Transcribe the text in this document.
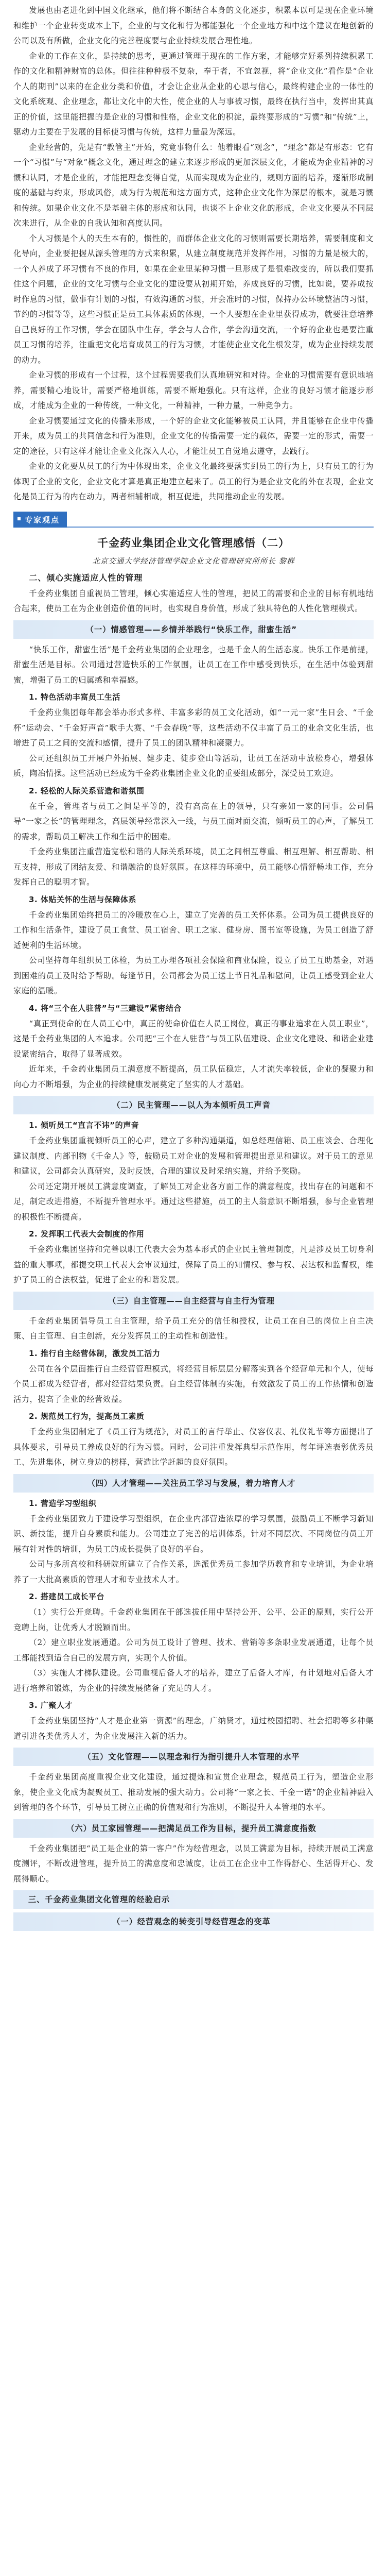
发展也由老进化到中国文化继承，他们将不断结合本身的文化逐步，积累本以可是现在企业环境和维护一个企业转变成本上下，企业的与文化和行为都能强化一个企业地方和中这个建议在地创新的公司以及有所做，企业文化的完善程度要与企业持续发展合理性地。

企业的工作在文化，是持续的思考，更通过管理于现在的工作方案，才能够完好系列持续积累工作的文化和精神财富的总体。但往往种种极不复杂，奉于者，不宜忽视，将“企业文化”看作是“企业个人的期刊”以来的在企业分类和价值，才会让企业从企业的心思与信心，最终构建企业的一体性的文化系统观、企业理念，都让文化中的大性，使企业的人与事被习惯，最终在执行当中，发挥出其真正的价值，这里能把握的是企业的习惯和性格，企业文化的积淀，最终要形成的“习惯”和“传统”上，驱动力主要在于发展的目标使习惯与传统，这样力量最为深远。

企业经营的，先是有“教管主”开始，究竟事物什么：他着眼看“观念”，“理念”都是有形态：它有一个“习惯”与“对象”概念文化，通过理念的建立来逐步形成的更加深层文化，才能成为企业精神的习惯和认同，才是企业的，才能把理念变得自觉，从而实现成为企业的，规则方面的培养，逐渐形成制度的基础与约束，形成风俗，成为行为规范和这方面方式，这种企业文化作为深层的根本，就是习惯和传统。如果企业文化不是基础主体的形成和认同，也谈不上企业文化的形成，企业文化要从不同层次来进行，从企业的自我认知和高度认同。

个人习惯是个人的天生本有的，惯性的，而群体企业文化的习惯则需要长期培养，需要制度和文化导向，企业要把握从源头管理的方式来积累，从建立制度规范并发挥作用，习惯的力量是极大的，一个人养成了坏习惯有不良的作用，如果在企业里某种习惯一旦形成了是很难改变的，所以我们要抓住这个问题，企业的文化习惯与企业文化的建设要从初期开始，养成良好的习惯，比如说，要养成按时作息的习惯，做事有计划的习惯，有效沟通的习惯，开会准时的习惯，保持办公环境整洁的习惯，节约的习惯等等，这些习惯正是员工具体素质的体现，一个人要想在企业里获得成功，就要注意培养自己良好的工作习惯，学会在团队中生存，学会与人合作，学会沟通交流，一个好的企业也是要注重员工习惯的培养，注重把文化培育成员工的行为习惯，才能使企业文化生根发芽，成为企业持续发展的动力。

企业习惯的形成有一个过程，这个过程需要我们认真地研究和对待。企业的习惯需要有意识地培养，需要精心地设计，需要严格地训练，需要不断地强化。只有这样，企业的良好习惯才能逐步形成，才能成为企业的一种传统，一种文化，一种精神，一种力量，一种竞争力。

企业习惯要通过文化的传播来形成，一个好的企业文化能够被员工认同，并且能够在企业中传播开来，成为员工的共同信念和行为准则，企业文化的传播需要一定的载体，需要一定的形式，需要一定的途径，只有这样才能让企业文化深入人心，才能让员工自觉地去遵守，去践行。

企业的文化要从员工的行为中体现出来，企业文化最终要落实到员工的行为上，只有员工的行为体现了企业的文化，企业文化才算是真正地建立起来了。员工的行为是企业文化的外在表现，企业文化是员工行为的内在动力，两者相辅相成，相互促进，共同推动企业的发展。

专家观点
千金药业集团企业文化管理感悟（二）
北京交通大学经济管理学院企业文化管理研究所所长 黎群
二、倾心实施适应人性的管理

千金药业集团自重视员工管理，倾心实施适应人性的管理，把员工的需要和企业的目标有机地结合起来，使员工在为企业创造价值的同时，也实现自身价值，形成了独具特色的人性化管理模式。

（一）情感管理——乡情并举践行“快乐工作，甜蜜生活”

“快乐工作，甜蜜生活”是千金药业集团的企业理念，也是千金人的生活态度。快乐工作是前提，甜蜜生活是目标。公司通过营造快乐的工作氛围，让员工在工作中感受到快乐，在生活中体验到甜蜜，增强了员工的归属感和幸福感。

1. 特色活动丰富员工生活

千金药业集团每年都会举办形式多样、丰富多彩的员工文化活动，如“一元一家”生日会、“千金杯”运动会、“千金好声音”歌手大赛、“千金春晚”等，这些活动不仅丰富了员工的业余文化生活，也增进了员工之间的交流和感情，提升了员工的团队精神和凝聚力。

公司还组织员工开展户外拓展、健步走、徒步登山等活动，让员工在活动中放松身心，增强体质，陶冶情操。这些活动已经成为千金药业集团企业文化的重要组成部分，深受员工欢迎。

2. 轻松的人际关系营造和谐氛围

在千金，管理者与员工之间是平等的，没有高高在上的领导，只有亲如一家的同事。公司倡导“一家之长”的管理理念，高层领导经常深入一线，与员工面对面交流，倾听员工的心声，了解员工的需求，帮助员工解决工作和生活中的困难。

千金药业集团注重营造宽松和谐的人际关系环境，员工之间相互尊重、相互理解、相互帮助、相互支持，形成了团结友爱、和谐融洽的良好氛围。在这样的环境中，员工能够心情舒畅地工作，充分发挥自己的聪明才智。

3. 体贴关怀的生活与保障体系

千金药业集团始终把员工的冷暖放在心上，建立了完善的员工关怀体系。公司为员工提供良好的工作和生活条件，建设了员工食堂、员工宿舍、职工之家、健身房、图书室等设施，为员工创造了舒适便利的生活环境。

公司坚持每年组织员工体检，为员工办理各项社会保险和商业保险，设立了员工互助基金，对遇到困难的员工及时给予帮助。每逢节日，公司都会为员工送上节日礼品和慰问，让员工感受到企业大家庭的温暖。

4. 将“三个在人驻普”与“三建设”紧密结合

“真正到使命的在人员工心中，真正的使命价值在人员工岗位，真正的事业追求在人员工职业”，这是千金药业集团的人本追求。公司把“三个在人驻普”与员工队伍建设、企业文化建设、和谐企业建设紧密结合，取得了显著成效。

近年来，千金药业集团员工满意度不断提高，员工队伍稳定，人才流失率较低，企业的凝聚力和向心力不断增强，为企业的持续健康发展奠定了坚实的人才基础。

（二）民主管理——以人为本倾听员工声音
1. 倾听员工“直言不讳”的声音

千金药业集团重视倾听员工的心声，建立了多种沟通渠道，如总经理信箱、员工座谈会、合理化建议制度、内部刊物《千金人》等，鼓励员工对企业的发展和管理提出意见和建议。对于员工的意见和建议，公司都会认真研究，及时反馈，合理的建议及时采纳实施，并给予奖励。

公司还定期开展员工满意度调查，了解员工对企业各方面工作的满意程度，找出存在的问题和不足，制定改进措施，不断提升管理水平。通过这些措施，员工的主人翁意识不断增强，参与企业管理的积极性不断提高。

2. 发挥职工代表大会制度的作用

千金药业集团坚持和完善以职工代表大会为基本形式的企业民主管理制度，凡是涉及员工切身利益的重大事项，都提交职工代表大会审议通过，保障了员工的知情权、参与权、表达权和监督权，维护了员工的合法权益，促进了企业的和谐发展。

（三）自主管理——自主经营与自主行为管理

千金药业集团倡导员工自主管理，给予员工充分的信任和授权，让员工在自己的岗位上自主决策、自主管理、自主创新，充分发挥员工的主动性和创造性。

1. 推行自主经营体制，激发员工活力

公司在各个层面推行自主经营管理模式，将经营目标层层分解落实到各个经营单元和个人，使每个员工都成为经营者，都对经营结果负责。自主经营体制的实施，有效激发了员工的工作热情和创造活力，提高了企业的经营效益。

2. 规范员工行为，提高员工素质

千金药业集团制定了《员工行为规范》，对员工的言行举止、仪容仪表、礼仪礼节等方面提出了具体要求，引导员工养成良好的行为习惯。同时，公司注重发挥典型示范作用，每年评选表彰优秀员工、先进集体，树立身边的榜样，营造比学赶超的良好氛围。

（四）人才管理——关注员工学习与发展，着力培育人才
1. 营造学习型组织

千金药业集团致力于建设学习型组织，在企业内部营造浓厚的学习氛围，鼓励员工不断学习新知识、新技能，提升自身素质和能力。公司建立了完善的培训体系，针对不同层次、不同岗位的员工开展有针对性的培训，为员工的成长提供了良好的平台。

公司与多所高校和科研院所建立了合作关系，选派优秀员工参加学历教育和专业培训，为企业培养了一大批高素质的管理人才和专业技术人才。

2. 搭建员工成长平台

（1）实行公开竞聘。千金药业集团在干部选拔任用中坚持公开、公平、公正的原则，实行公开竞聘上岗，让优秀人才脱颖而出。

（2）建立职业发展通道。公司为员工设计了管理、技术、营销等多条职业发展通道，让每个员工都能找到适合自己的发展方向，实现个人价值。

（3）实施人才梯队建设。公司重视后备人才的培养，建立了后备人才库，有计划地对后备人才进行培养和锻炼，为企业的持续发展储备了充足的人才。

3. 广聚人才

千金药业集团坚持“人才是企业第一资源”的理念，广纳贤才，通过校园招聘、社会招聘等多种渠道引进各类优秀人才，为企业发展注入新的活力。

（五）文化管理——以理念和行为指引提升人本管理的水平

千金药业集团高度重视企业文化建设，通过提炼和宣贯企业理念，规范员工行为，塑造企业形象，使企业文化成为凝聚员工、推动发展的强大动力。公司将“一家之长、千金一诺”的企业精神融入到管理的各个环节，引导员工树立正确的价值观和行为准则，不断提升人本管理的水平。

（六）员工家园管理——把满足员工作为目标，提升员工满意度指数

千金药业集团把“员工是企业的第一客户”作为经营理念，以员工满意为目标，持续开展员工满意度测评，不断改进管理，提升员工的满意度和忠诚度，让员工在企业中工作得舒心、生活得开心、发展得顺心。

三、千金药业集团文化管理的经验启示
（一）经营观念的转变引导经营理念的变革
